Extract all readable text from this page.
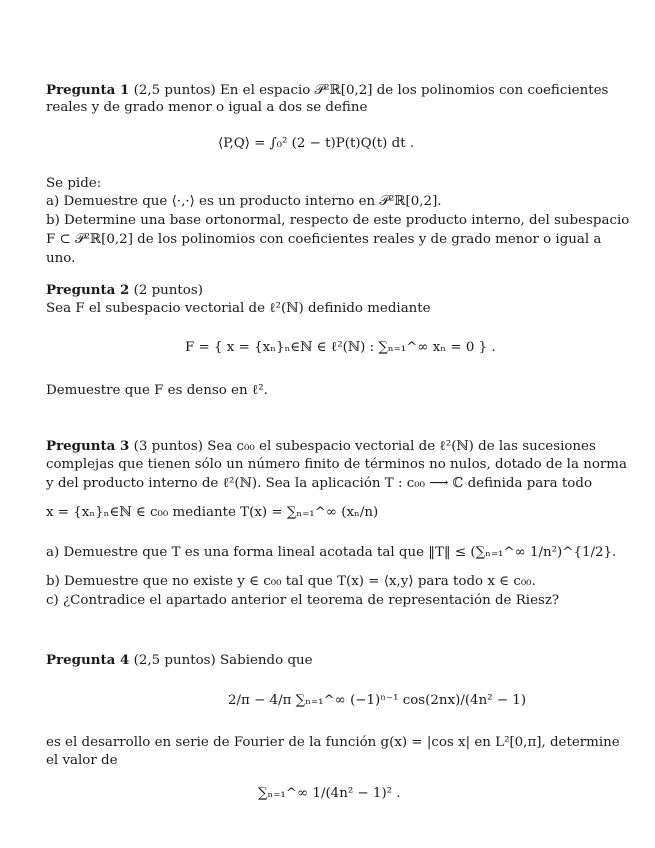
Pregunta 1 (2,5 puntos) En el espacio 𝒫²ℝ[0,2] de los polinomios con coeficientes
reales y de grado menor o igual a dos se define
⟨P,Q⟩ = ∫₀² (2 − t)P(t)Q(t) dt .
Se pide:
a) Demuestre que ⟨·,·⟩ es un producto interno en 𝒫²ℝ[0,2].
b) Determine una base ortonormal, respecto de este producto interno, del subespacio
F ⊂ 𝒫²ℝ[0,2] de los polinomios con coeficientes reales y de grado menor o igual a
uno.
Pregunta 2 (2 puntos)
Sea F el subespacio vectorial de ℓ²(ℕ) definido mediante
F = { x = {xₙ}ₙ∈ℕ ∈ ℓ²(ℕ) : ∑ₙ₌₁^∞ xₙ = 0 } .
Demuestre que F es denso en ℓ².
Pregunta 3 (3 puntos) Sea c₀₀ el subespacio vectorial de ℓ²(ℕ) de las sucesiones
complejas que tienen sólo un número finito de términos no nulos, dotado de la norma
y del producto interno de ℓ²(ℕ). Sea la aplicación T : c₀₀ ⟶ ℂ definida para todo
x = {xₙ}ₙ∈ℕ ∈ c₀₀ mediante T(x) = ∑ₙ₌₁^∞ (xₙ/n)
a) Demuestre que T es una forma lineal acotada tal que ‖T‖ ≤ (∑ₙ₌₁^∞ 1/n²)^{1/2}.
b) Demuestre que no existe y ∈ c₀₀ tal que T(x) = ⟨x,y⟩ para todo x ∈ c₀₀.
c) ¿Contradice el apartado anterior el teorema de representación de Riesz?
Pregunta 4 (2,5 puntos) Sabiendo que
2/π − 4/π ∑ₙ₌₁^∞ (−1)ⁿ⁻¹ cos(2nx)/(4n² − 1)
es el desarrollo en serie de Fourier de la función g(x) = |cos x| en L²[0,π], determine
el valor de
∑ₙ₌₁^∞ 1/(4n² − 1)² .
